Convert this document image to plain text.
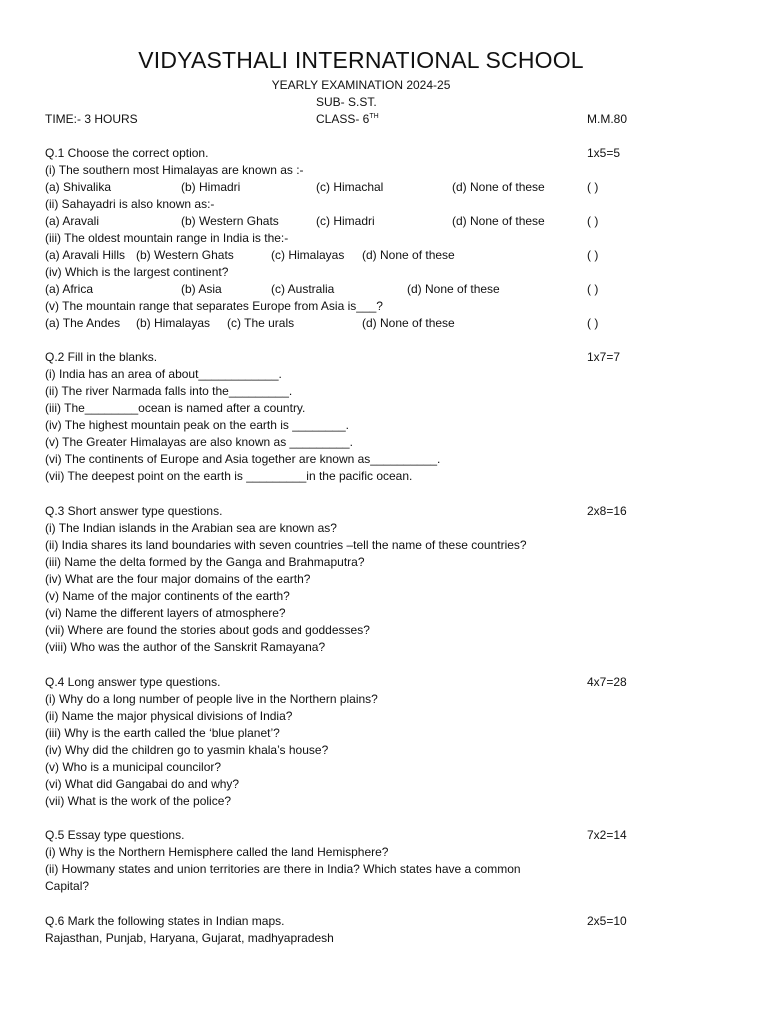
VIDYASTHALI INTERNATIONAL SCHOOL
YEARLY EXAMINATION 2024-25
SUB- S.ST.
TIME:- 3 HOURS	CLASS- 6TH	M.M.80
Q.1 Choose the correct option.	1x5=5
(i) The southern most Himalayas are known as :-
(a) Shivalika	(b) Himadri	(c) Himachal	(d) None of these	( )
(ii) Sahayadri is also known as:-
(a) Aravali	(b) Western Ghats	(c) Himadri	(d) None of these	( )
(iii) The oldest mountain range in India is the:-
(a) Aravali Hills (b) Western Ghats	(c) Himalayas (d) None of these	( )
(iv) Which is the largest continent?
(a) Africa	(b) Asia	(c) Australia	(d) None of these	( )
(v) The mountain range that separates Europe from Asia is___?
(a) The Andes (b) Himalayas (c) The urals	(d) None of these	( )
Q.2 Fill in the blanks.	1x7=7
(i) India has an area of about____________.
(ii) The river Narmada falls into the_________.
(iii) The________ocean is named after a country.
(iv) The highest mountain peak on the earth is ________.
(v) The Greater Himalayas are also known as _________.
(vi) The continents of Europe and Asia together are known as__________.
(vii) The deepest point on the earth is _________in the pacific ocean.
Q.3 Short answer type questions.	2x8=16
(i) The Indian islands in the Arabian sea are known as?
(ii) India shares its land boundaries with seven countries –tell the name of these countries?
(iii) Name the delta formed by the Ganga and Brahmaputra?
(iv) What are the four major domains of the earth?
(v) Name of the major continents of the earth?
(vi) Name the different layers of atmosphere?
(vii) Where are found the stories about gods and goddesses?
(viii) Who was the author of the Sanskrit Ramayana?
Q.4 Long answer type questions.	4x7=28
(i) Why do a long number of people live in the Northern plains?
(ii) Name the major physical divisions of India?
(iii) Why is the earth called the ‘blue planet’?
(iv) Why did the children go to yasmin khala’s house?
(v) Who is a municipal councilor?
(vi) What did Gangabai do and why?
(vii) What is the work of the police?
Q.5 Essay type questions.	7x2=14
(i) Why is the Northern Hemisphere called the land Hemisphere?
(ii) Howmany states and union territories are there in India? Which states have a common
Capital?
Q.6 Mark the following states in Indian maps.	2x5=10
Rajasthan, Punjab, Haryana, Gujarat, madhyapradesh
